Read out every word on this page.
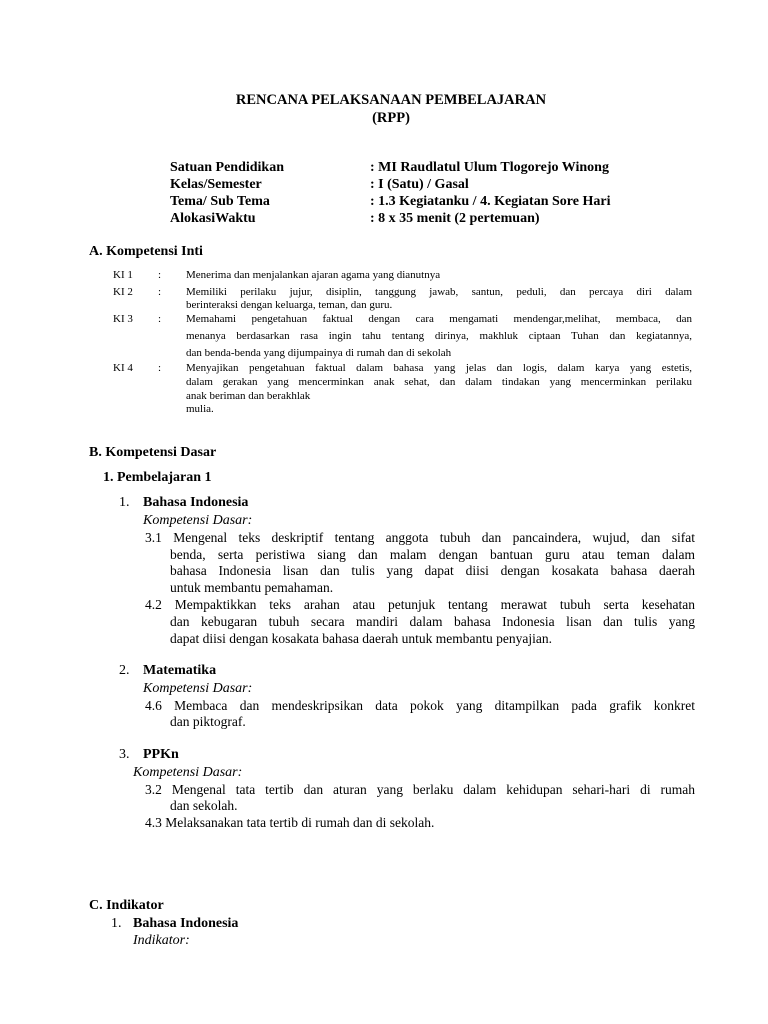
RENCANA PELAKSANAAN PEMBELAJARAN
(RPP)
Satuan Pendidikan	: MI Raudlatul Ulum Tlogorejo Winong
Kelas/Semester	: I (Satu) / Gasal
Tema/ Sub Tema	: 1.3 Kegiatanku / 4. Kegiatan Sore Hari
AlokasiWaktu	: 8 x 35 menit (2 pertemuan)
A. Kompetensi Inti
KI 1 : Menerima dan menjalankan ajaran agama yang dianutnya
KI 2 : Memiliki perilaku jujur, disiplin, tanggung jawab, santun, peduli, dan percaya diri dalam
berinteraksi dengan keluarga, teman, dan guru.
KI 3 : Memahami pengetahuan faktual dengan cara mengamati mendengar,melihat, membaca, dan
menanya berdasarkan rasa ingin tahu tentang dirinya, makhluk ciptaan Tuhan dan kegiatannya,
dan benda-benda yang dijumpainya di rumah dan di sekolah
KI 4 : Menyajikan pengetahuan faktual dalam bahasa yang jelas dan logis, dalam karya yang estetis,
dalam gerakan yang mencerminkan anak sehat, dan dalam tindakan yang mencerminkan perilaku
anak beriman dan berakhlak
mulia.
B. Kompetensi Dasar
1. Pembelajaran 1
1. Bahasa Indonesia
Kompetensi Dasar:
3.1 Mengenal teks deskriptif tentang anggota tubuh dan pancaindera, wujud, dan sifat
benda, serta peristiwa siang dan malam dengan bantuan guru atau teman dalam
bahasa Indonesia lisan dan tulis yang dapat diisi dengan kosakata bahasa daerah
untuk membantu pemahaman.
4.2 Mempaktikkan teks arahan atau petunjuk tentang merawat tubuh serta kesehatan
dan kebugaran tubuh secara mandiri dalam bahasa Indonesia lisan dan tulis yang
dapat diisi dengan kosakata bahasa daerah untuk membantu penyajian.
2. Matematika
Kompetensi Dasar:
4.6 Membaca dan mendeskripsikan data pokok yang ditampilkan pada grafik konkret
dan piktograf.
3. PPKn
Kompetensi Dasar:
3.2 Mengenal tata tertib dan aturan yang berlaku dalam kehidupan sehari-hari di rumah
dan sekolah.
4.3 Melaksanakan tata tertib di rumah dan di sekolah.
C. Indikator
1. Bahasa Indonesia
Indikator:
